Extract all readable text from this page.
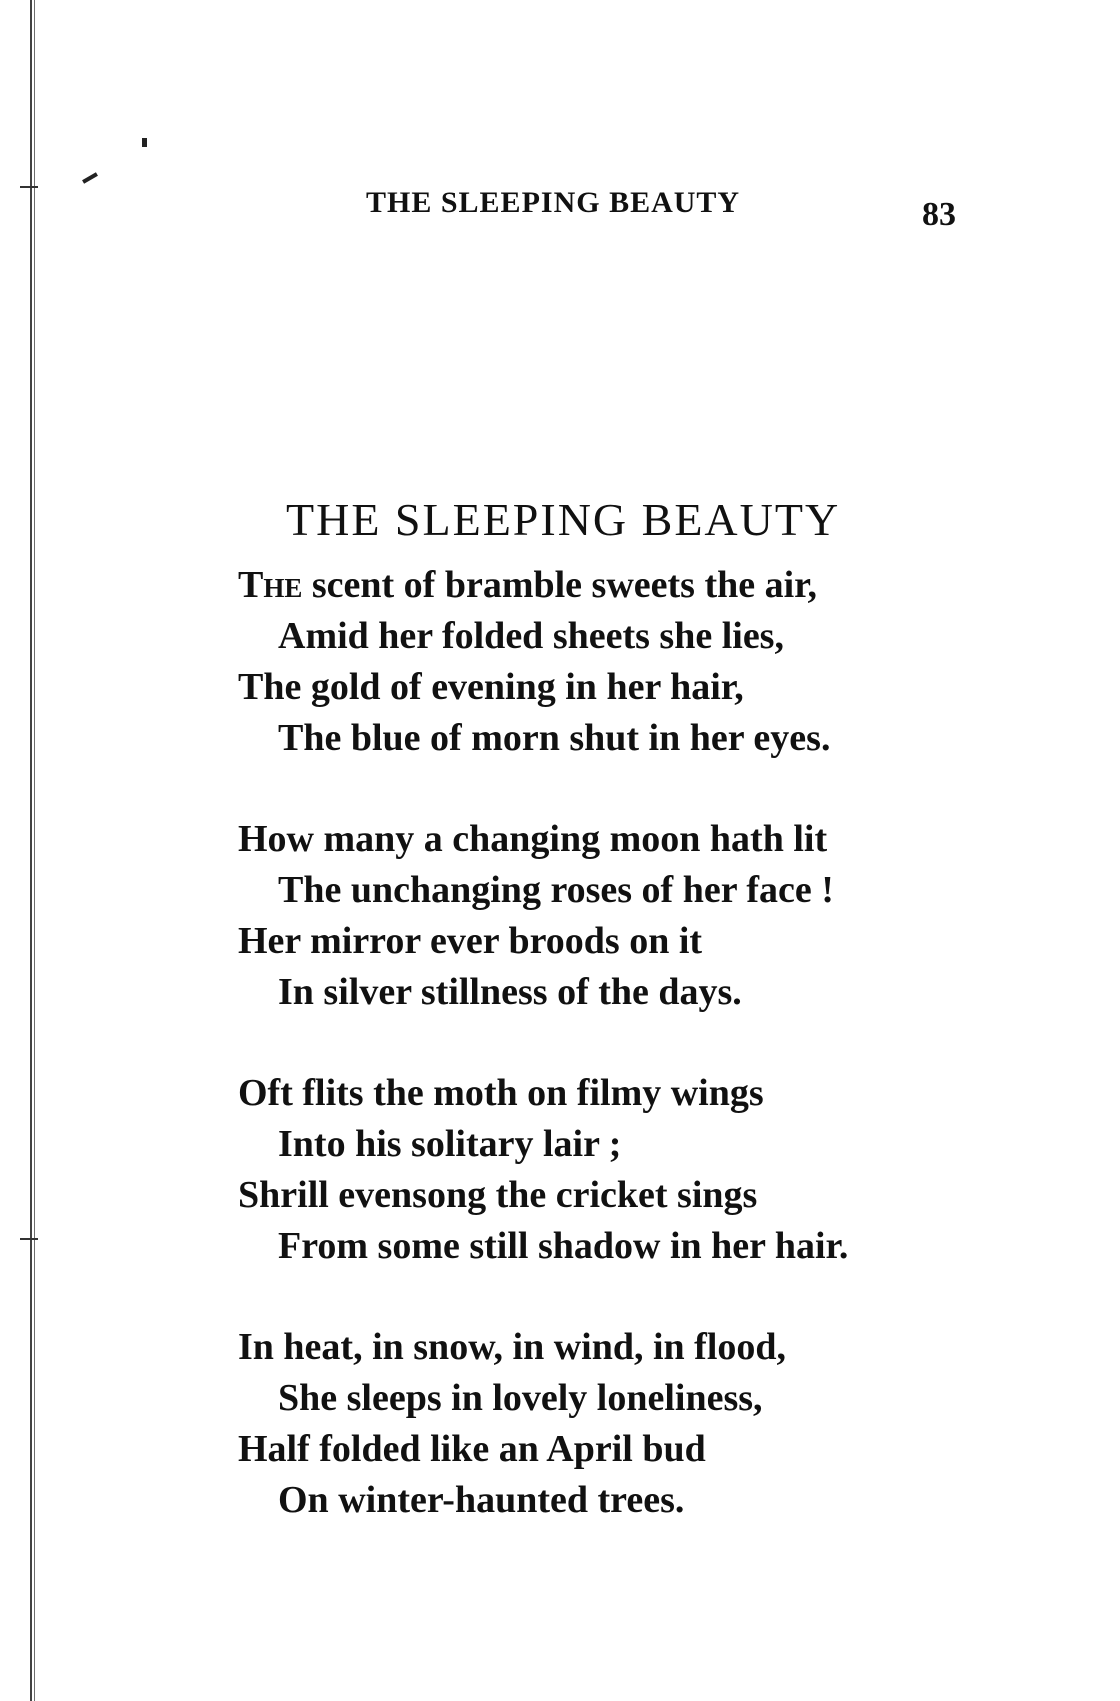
THE SLEEPING BEAUTY	83
THE SLEEPING BEAUTY
The scent of bramble sweets the air,
Amid her folded sheets she lies,
The gold of evening in her hair,
The blue of morn shut in her eyes.
How many a changing moon hath lit
The unchanging roses of her face !
Her mirror ever broods on it
In silver stillness of the days.
Oft flits the moth on filmy wings
Into his solitary lair ;
Shrill evensong the cricket sings
From some still shadow in her hair.
In heat, in snow, in wind, in flood,
She sleeps in lovely loneliness,
Half folded like an April bud
On winter-haunted trees.
